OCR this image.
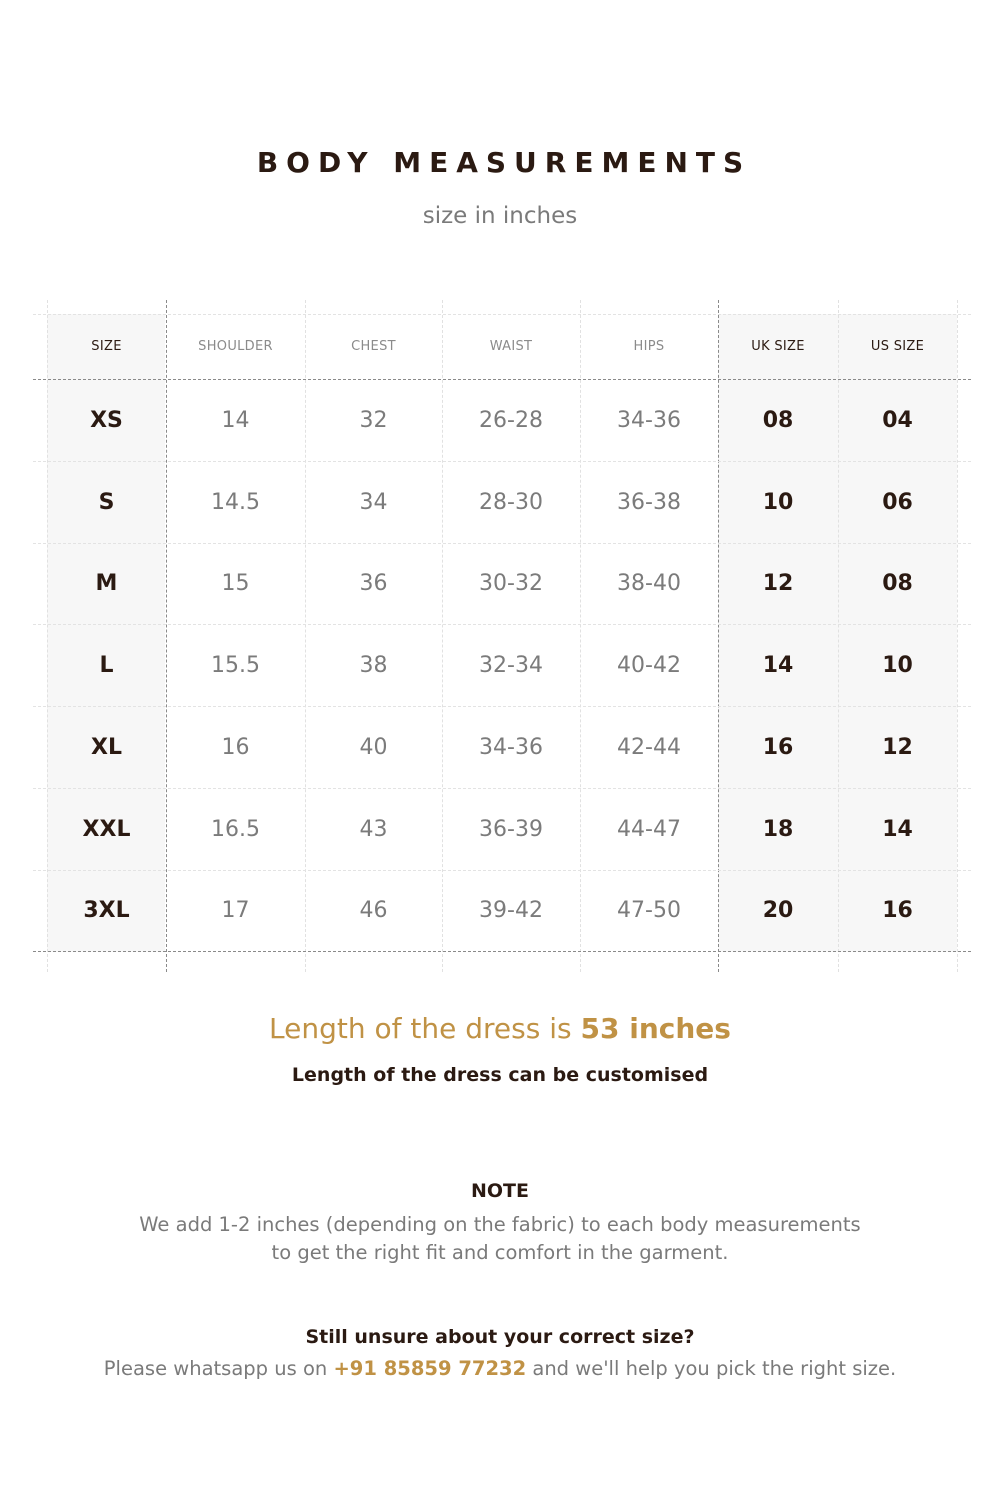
BODY MEASUREMENTS
size in inches
SIZE	SHOULDER	CHEST	WAIST	HIPS	UK SIZE	US SIZE
XS	14	32	26-28	34-36	08	04
S	14.5	34	28-30	36-38	10	06
M	15	36	30-32	38-40	12	08
L	15.5	38	32-34	40-42	14	10
XL	16	40	34-36	42-44	16	12
XXL	16.5	43	36-39	44-47	18	14
3XL	17	46	39-42	47-50	20	16
Length of the dress is 53 inches
Length of the dress can be customised
NOTE
We add 1-2 inches (depending on the fabric) to each body measurements
to get the right fit and comfort in the garment.
Still unsure about your correct size?
Please whatsapp us on +91 85859 77232 and we'll help you pick the right size.
